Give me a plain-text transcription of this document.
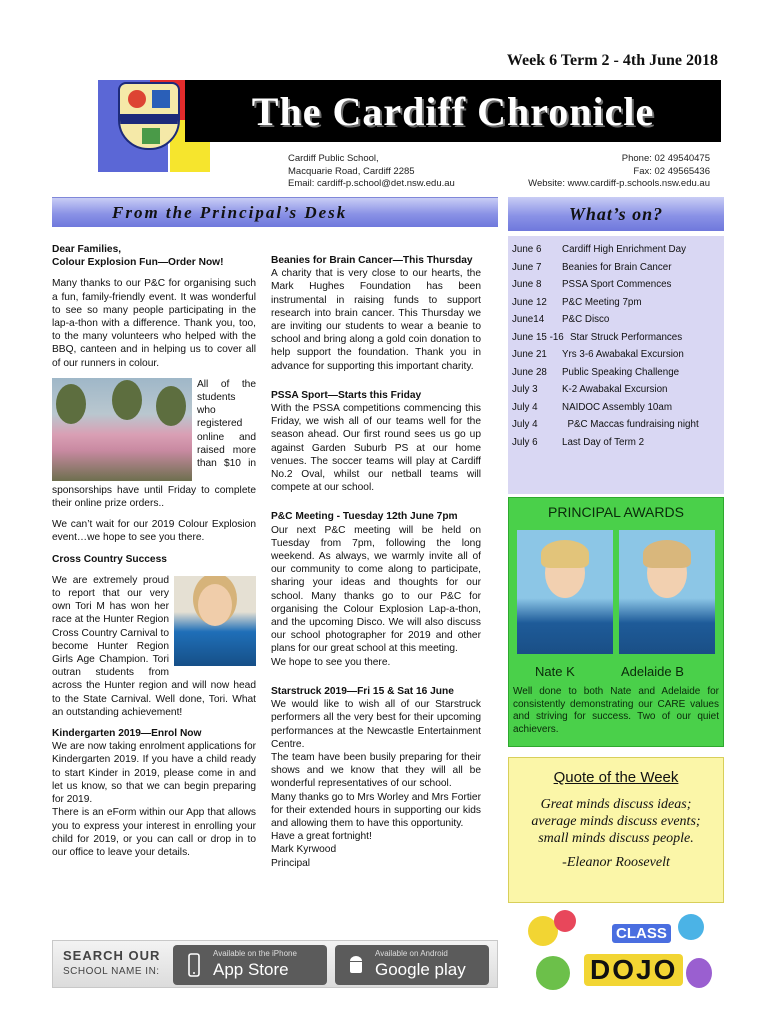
Week 6 Term 2 - 4th June 2018
The Cardiff Chronicle
Cardiff Public School,
Macquarie Road, Cardiff 2285
Email: cardiff-p.school@det.nsw.edu.au
Phone: 02 49540475
Fax: 02 49565436
Website: www.cardiff-p.schools.nsw.edu.au
From the Principal’s Desk	What’s on?
Dear Families,
Colour Explosion Fun—Order Now!

Many thanks to our P&C for organising such a fun, family-friendly event. It was wonderful to see so many people participating in the lap-a-thon with a difference. Thank you, too, to the many volunteers who helped with the BBQ, canteen and in helping us to cover all of our runners in colour.

All of the students who registered online and raised more than $10 in sponsorships have until Friday to complete their online prize orders..

We can’t wait for our 2019 Colour Explosion event…we hope to see you there.

Cross Country Success

We are extremely proud to report that our very own Tori M has won her race at the Hunter Region Cross Country Carnival to become Hunter Region Girls Age Champion. Tori outran students from across the Hunter region and will now head to the State Carnival. Well done, Tori. What an outstanding achievement!

Kindergarten 2019—Enrol Now
We are now taking enrolment applications for Kindergarten 2019. If you have a child ready to start Kinder in 2019, please come in and let us know, so that we can begin preparing for 2019.
There is an eForm within our App that allows you to express your interest in enrolling your child for 2019, or you can call or drop in to our office to leave your details.
Beanies for Brain Cancer—This Thursday

A charity that is very close to our hearts, the Mark Hughes Foundation has been instrumental in raising funds to support research into brain cancer. This Thursday we are inviting our students to wear a beanie to school and bring along a gold coin donation to help support the foundation. Thank you in advance for supporting this important charity.

PSSA Sport—Starts this Friday

With the PSSA competitions commencing this Friday, we wish all of our teams well for the season ahead. Our first round sees us go up against Garden Suburb PS at our home venues. The soccer teams will play at Cardiff No.2 Oval, whilst our netball teams will compete at our school.

P&C Meeting - Tuesday 12th June 7pm
Our next P&C meeting will be held on Tuesday from 7pm, following the long weekend. As always, we warmly invite all of our community to come along to participate, sharing your ideas and thoughts for our school. Many thanks go to our P&C for organising the Colour Explosion Lap-a-thon, and the upcoming Disco. We will also discuss our school photographer for 2019 and other plans for our great school at this meeting.

We hope to see you there.

Starstruck 2019—Fri 15 & Sat 16 June
We would like to wish all of our Starstruck performers all the very best for their upcoming performances at the Newcastle Entertainment Centre.
The team have been busily preparing for their shows and we know that they will all be wonderful representatives of our school.
Many thanks go to Mrs Worley and Mrs Fortier for their extended hours in supporting our kids and allowing them to have this opportunity.
Have a great fortnight!
Mark Kyrwood
Principal
June 6	Cardiff High Enrichment Day
June 7	Beanies for Brain Cancer
June 8	PSSA Sport Commences
June 12	P&C Meeting 7pm
June14	P&C Disco
June 15 -16 Star Struck Performances
June 21	Yrs 3-6 Awabakal Excursion
June 28	Public Speaking Challenge
July 3	K-2 Awabakal Excursion
July 4	NAIDOC Assembly 10am
July 4	P&C Maccas fundraising night
July 6	Last Day of Term 2
PRINCIPAL AWARDS
Nate K	Adelaide B
Well done to both Nate and Adelaide for consistently demonstrating our CARE values and striving for success. Two of our quiet achievers.
Quote of the Week
Great minds discuss ideas; average minds discuss events; small minds discuss people.
-Eleanor Roosevelt
SEARCH OUR
SCHOOL NAME IN:
Available on the iPhone
App Store
Available on Android
Google play
CLASS
DOJO
